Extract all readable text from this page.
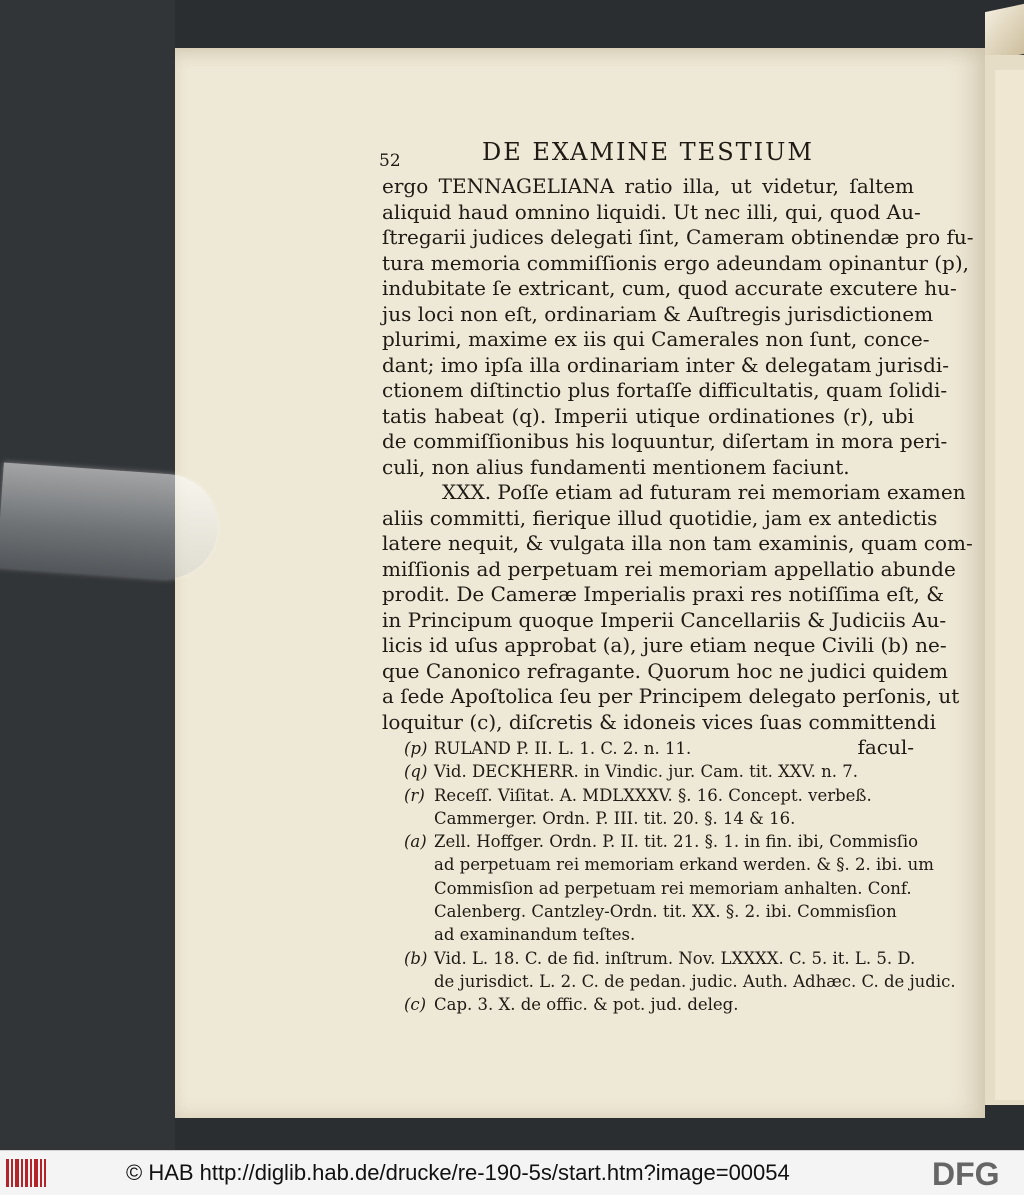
52	DE EXAMINE TESTIUM
ergo TENNAGELIANA ratio illa, ut videtur, ſaltem
aliquid haud omnino liquidi. Ut nec illi, qui, quod Au-
ſtregarii judices delegati ſint, Cameram obtinendæ pro fu-
tura memoria commiſſionis ergo adeundam opinantur (p),
indubitate ſe extricant, cum, quod accurate excutere hu-
jus loci non eſt, ordinariam & Auſtregis jurisdictionem
plurimi, maxime ex iis qui Camerales non ſunt, conce-
dant; imo ipſa illa ordinariam inter & delegatam jurisdi-
ctionem diſtinctio plus fortaſſe difficultatis, quam ſolidi-
tatis habeat (q). Imperii utique ordinationes (r), ubi
de commiſſionibus his loquuntur, diſertam in mora peri-
culi, non alius fundamenti mentionem faciunt.
XXX. Poſſe etiam ad futuram rei memoriam examen
aliis committi, fierique illud quotidie, jam ex antedictis
latere nequit, & vulgata illa non tam examinis, quam com-
miſſionis ad perpetuam rei memoriam appellatio abunde
prodit. De Cameræ Imperialis praxi res notiſſima eſt, &
in Principum quoque Imperii Cancellariis & Judiciis Au-
licis id uſus approbat (a), jure etiam neque Civili (b) ne-
que Canonico refragante. Quorum hoc ne judici quidem
a ſede Apoſtolica ſeu per Principem delegato perſonis, ut
loquitur (c), diſcretis & idoneis vices ſuas committendi
facul-
(p) RULAND P. II. L. 1. C. 2. n. 11.
(q) Vid. DECKHERR. in Vindic. jur. Cam. tit. XXV. n. 7.
(r) Receſſ. Viſitat. A. MDLXXXV. §. 16. Concept. verbeß.
Cammerger. Ordn. P. III. tit. 20. §. 14 & 16.
(a) Zell. Hoffger. Ordn. P. II. tit. 21. §. 1. in fin. ibi, Commisſio
ad perpetuam rei memoriam erkand werden. & §. 2. ibi. um
Commisſion ad perpetuam rei memoriam anhalten. Conf.
Calenberg. Cantzley-Ordn. tit. XX. §. 2. ibi. Commisſion
ad examinandum teſtes.
(b) Vid. L. 18. C. de fid. inſtrum. Nov. LXXXX. C. 5. it. L. 5. D.
de jurisdict. L. 2. C. de pedan. judic. Auth. Adhæc. C. de judic.
(c) Cap. 3. X. de offic. & pot. jud. deleg.
© HAB http://diglib.hab.de/drucke/re-190-5s/start.htm?image=00054	DFG
